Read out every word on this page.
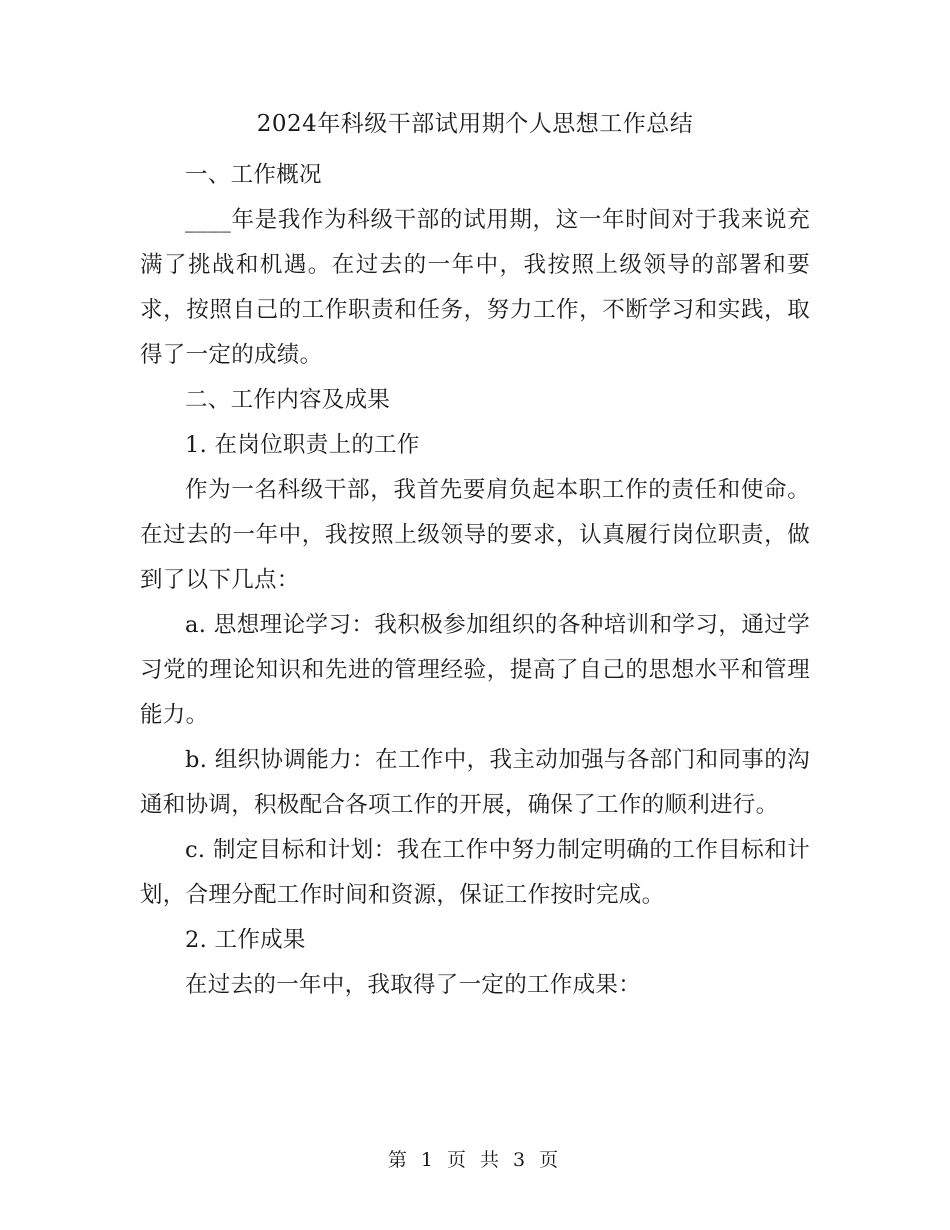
2024年科级干部试用期个人思想工作总结

一、工作概况

____年是我作为科级干部的试用期，这一年时间对于我来说充满了挑战和机遇。在过去的一年中，我按照上级领导的部署和要求，按照自己的工作职责和任务，努力工作，不断学习和实践，取得了一定的成绩。

二、工作内容及成果

1. 在岗位职责上的工作

作为一名科级干部，我首先要肩负起本职工作的责任和使命。在过去的一年中，我按照上级领导的要求，认真履行岗位职责，做到了以下几点：

a. 思想理论学习：我积极参加组织的各种培训和学习，通过学习党的理论知识和先进的管理经验，提高了自己的思想水平和管理能力。

b. 组织协调能力：在工作中，我主动加强与各部门和同事的沟通和协调，积极配合各项工作的开展，确保了工作的顺利进行。

c. 制定目标和计划：我在工作中努力制定明确的工作目标和计划，合理分配工作时间和资源，保证工作按时完成。

2. 工作成果

在过去的一年中，我取得了一定的工作成果：

第 1 页 共 3 页
